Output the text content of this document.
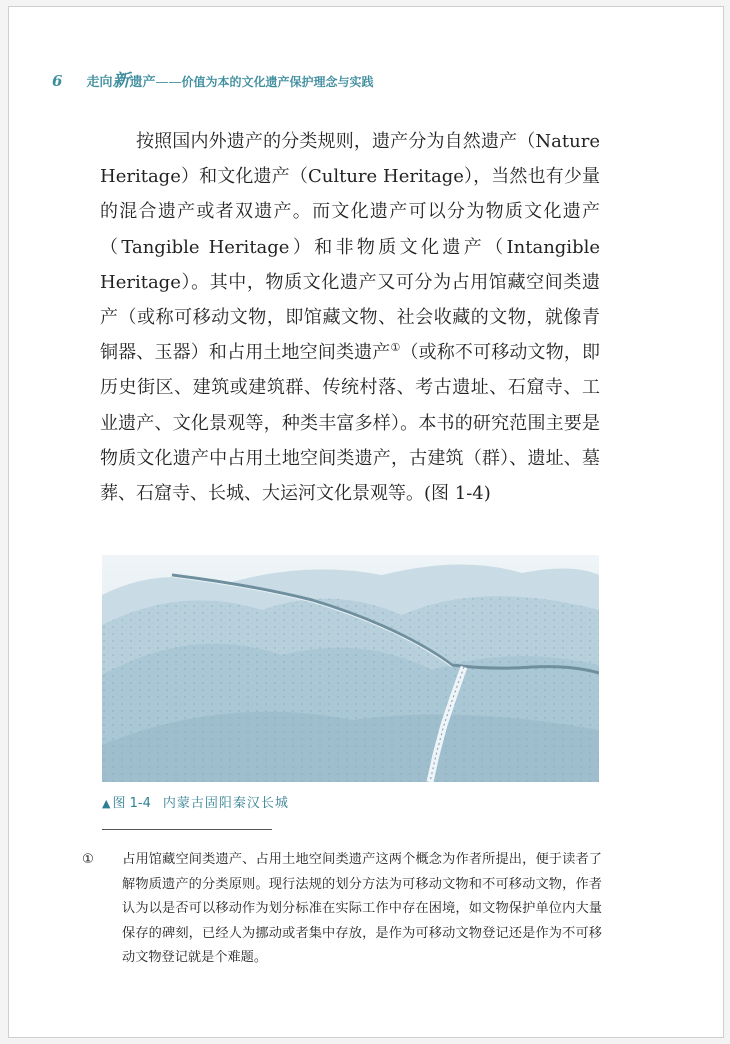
6 走向新遗产 —— 价值为本的文化遗产保护理念与实践

按照国内外遗产的分类规则，遗产分为自然遗产（Nature Heritage）和文化遗产（Culture Heritage），当然也有少量的混合遗产或者双遗产。而文化遗产可以分为物质文化遗产（Tangible Heritage）和非物质文化遗产（Intangible Heritage）。其中，物质文化遗产又可分为占用馆藏空间类遗产（或称可移动文物，即馆藏文物、社会收藏的文物，就像青铜器、玉器）和占用土地空间类遗产①（或称不可移动文物，即历史街区、建筑或建筑群、传统村落、考古遗址、石窟寺、工业遗产、文化景观等，种类丰富多样）。本书的研究范围主要是物质文化遗产中占用土地空间类遗产，古建筑（群）、遗址、墓葬、石窟寺、长城、大运河文化景观等。(图 1-4)

▲ 图 1-4 内蒙古固阳秦汉长城
① 占用馆藏空间类遗产、占用土地空间类遗产这两个概念为作者所提出，便于读者了解物质遗产的分类原则。现行法规的划分方法为可移动文物和不可移动文物，作者认为以是否可以移动作为划分标准在实际工作中存在困境，如文物保护单位内大量保存的碑刻，已经人为挪动或者集中存放，是作为可移动文物登记还是作为不可移动文物登记就是个难题。
